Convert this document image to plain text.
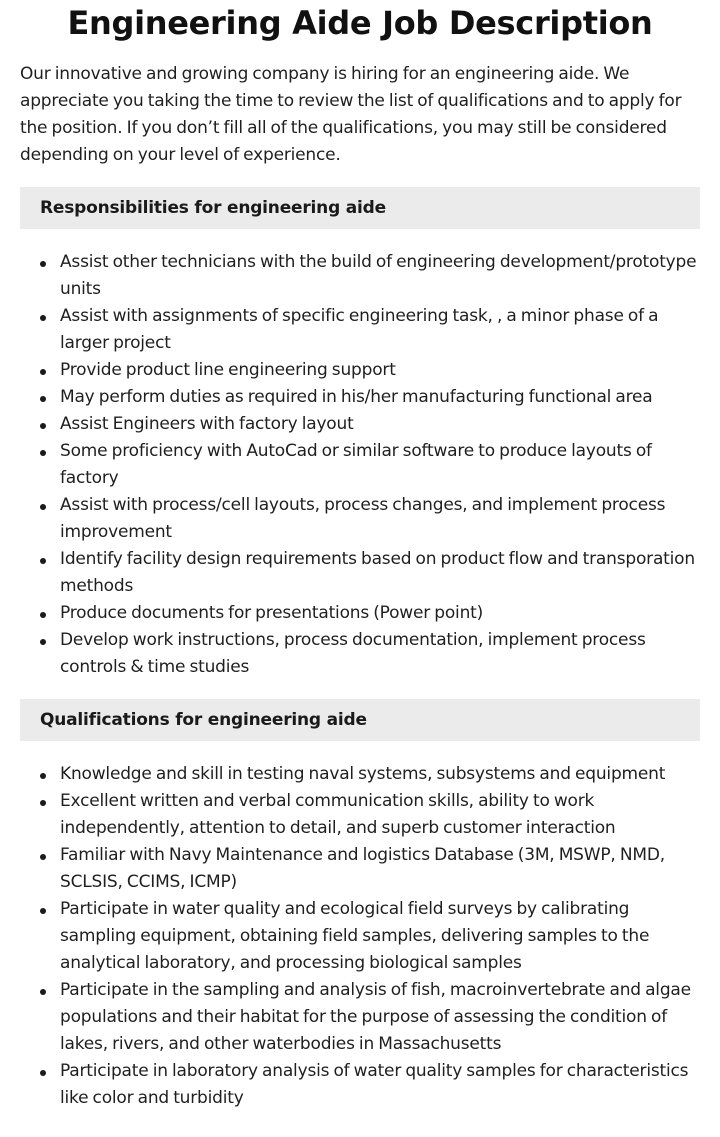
Engineering Aide Job Description

Our innovative and growing company is hiring for an engineering aide. We appreciate you taking the time to review the list of qualifications and to apply for the position. If you don’t fill all of the qualifications, you may still be considered depending on your level of experience.

Responsibilities for engineering aide
Assist other technicians with the build of engineering development/prototype units
Assist with assignments of specific engineering task, , a minor phase of a larger project
Provide product line engineering support
May perform duties as required in his/her manufacturing functional area
Assist Engineers with factory layout
Some proficiency with AutoCad or similar software to produce layouts of factory
Assist with process/cell layouts, process changes, and implement process improvement
Identify facility design requirements based on product flow and transporation methods
Produce documents for presentations (Power point)
Develop work instructions, process documentation, implement process controls & time studies
Qualifications for engineering aide
Knowledge and skill in testing naval systems, subsystems and equipment
Excellent written and verbal communication skills, ability to work independently, attention to detail, and superb customer interaction
Familiar with Navy Maintenance and logistics Database (3M, MSWP, NMD, SCLSIS, CCIMS, ICMP)
Participate in water quality and ecological field surveys by calibrating sampling equipment, obtaining field samples, delivering samples to the analytical laboratory, and processing biological samples
Participate in the sampling and analysis of fish, macroinvertebrate and algae populations and their habitat for the purpose of assessing the condition of lakes, rivers, and other waterbodies in Massachusetts
Participate in laboratory analysis of water quality samples for characteristics like color and turbidity
